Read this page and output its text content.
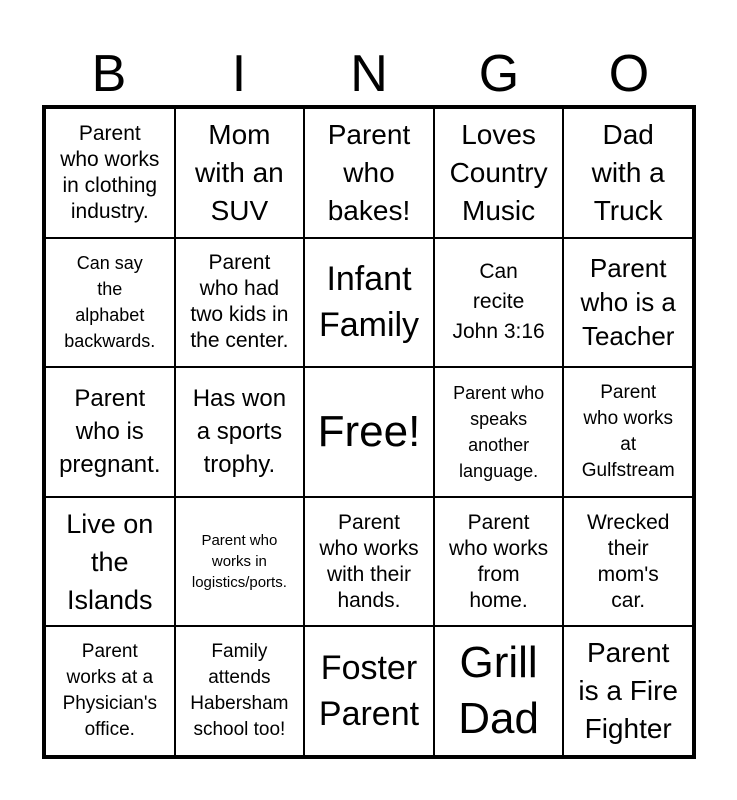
B	I	N	G	O
Parent
who works
in clothing
industry.
Mom
with an
SUV
Parent
who
bakes!
Loves
Country
Music
Dad
with a
Truck
Can say
the
alphabet
backwards.
Parent
who had
two kids in
the center.
Infant
Family
Can
recite
John 3:16
Parent
who is a
Teacher
Parent
who is
pregnant.
Has won
a sports
trophy.
Free!
Parent who
speaks
another
language.
Parent
who works
at
Gulfstream
Live on
the
Islands
Parent who
works in
logistics/ports.
Parent
who works
with their
hands.
Parent
who works
from
home.
Wrecked
their
mom's
car.
Parent
works at a
Physician's
office.
Family
attends
Habersham
school too!
Foster
Parent
Grill
Dad
Parent
is a Fire
Fighter
